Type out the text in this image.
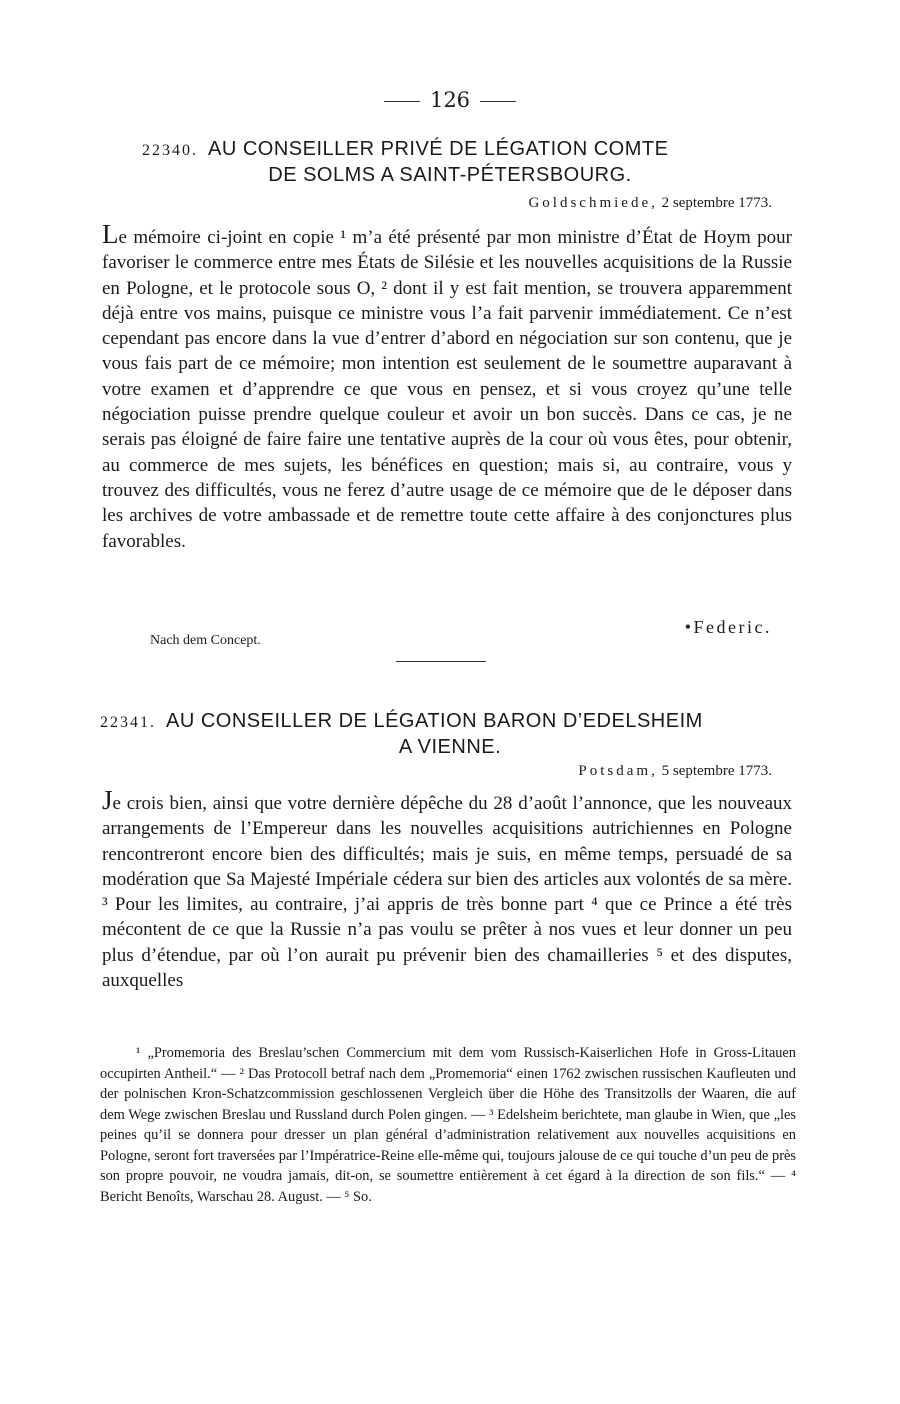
126
22340. AU CONSEILLER PRIVÉ DE LÉGATION COMTE
DE SOLMS A SAINT-PÉTERSBOURG.
Goldschmiede, 2 septembre 1773.

Le mémoire ci-joint en copie ¹ m’a été présenté par mon ministre d’État de Hoym pour favoriser le commerce entre mes États de Silésie et les nouvelles acquisitions de la Russie en Pologne, et le protocole sous O, ² dont il y est fait mention, se trouvera apparemment déjà entre vos mains, puisque ce ministre vous l’a fait parvenir immédiatement. Ce n’est cependant pas encore dans la vue d’entrer d’abord en négociation sur son contenu, que je vous fais part de ce mémoire; mon intention est seulement de le soumettre auparavant à votre examen et d’apprendre ce que vous en pensez, et si vous croyez qu’une telle négociation puisse prendre quelque couleur et avoir un bon succès. Dans ce cas, je ne serais pas éloigné de faire faire une tentative auprès de la cour où vous êtes, pour obtenir, au commerce de mes sujets, les bénéfices en question; mais si, au contraire, vous y trouvez des difficultés, vous ne ferez d’autre usage de ce mémoire que de le déposer dans les archives de votre ambassade et de remettre toute cette affaire à des conjonctures plus favorables.

Nach dem Concept.
•Federic.
22341. AU CONSEILLER DE LÉGATION BARON D’EDELSHEIM
A VIENNE.
Potsdam, 5 septembre 1773.

Je crois bien, ainsi que votre dernière dépêche du 28 d’août l’annonce, que les nouveaux arrangements de l’Empereur dans les nouvelles acquisitions autrichiennes en Pologne rencontreront encore bien des difficultés; mais je suis, en même temps, persuadé de sa modération que Sa Majesté Impériale cédera sur bien des articles aux volontés de sa mère. ³ Pour les limites, au contraire, j’ai appris de très bonne part ⁴ que ce Prince a été très mécontent de ce que la Russie n’a pas voulu se prêter à nos vues et leur donner un peu plus d’étendue, par où l’on aurait pu prévenir bien des chamailleries ⁵ et des disputes, auxquelles

¹ „Promemoria des Breslau’schen Commercium mit dem vom Russisch-Kaiserlichen Hofe in Gross-Litauen occupirten Antheil.“ — ² Das Protocoll betraf nach dem „Promemoria“ einen 1762 zwischen russischen Kaufleuten und der polnischen Kron-Schatzcommission geschlossenen Vergleich über die Höhe des Transitzolls der Waaren, die auf dem Wege zwischen Breslau und Russland durch Polen gingen. — ³ Edelsheim berichtete, man glaube in Wien, que „les peines qu’il se donnera pour dresser un plan général d’administration relativement aux nouvelles acquisitions en Pologne, seront fort traversées par l’Impératrice-Reine elle-même qui, toujours jalouse de ce qui touche d’un peu de près son propre pouvoir, ne voudra jamais, dit-on, se soumettre entièrement à cet égard à la direction de son fils.“ — ⁴ Bericht Benoîts, Warschau 28. August. — ⁵ So.
